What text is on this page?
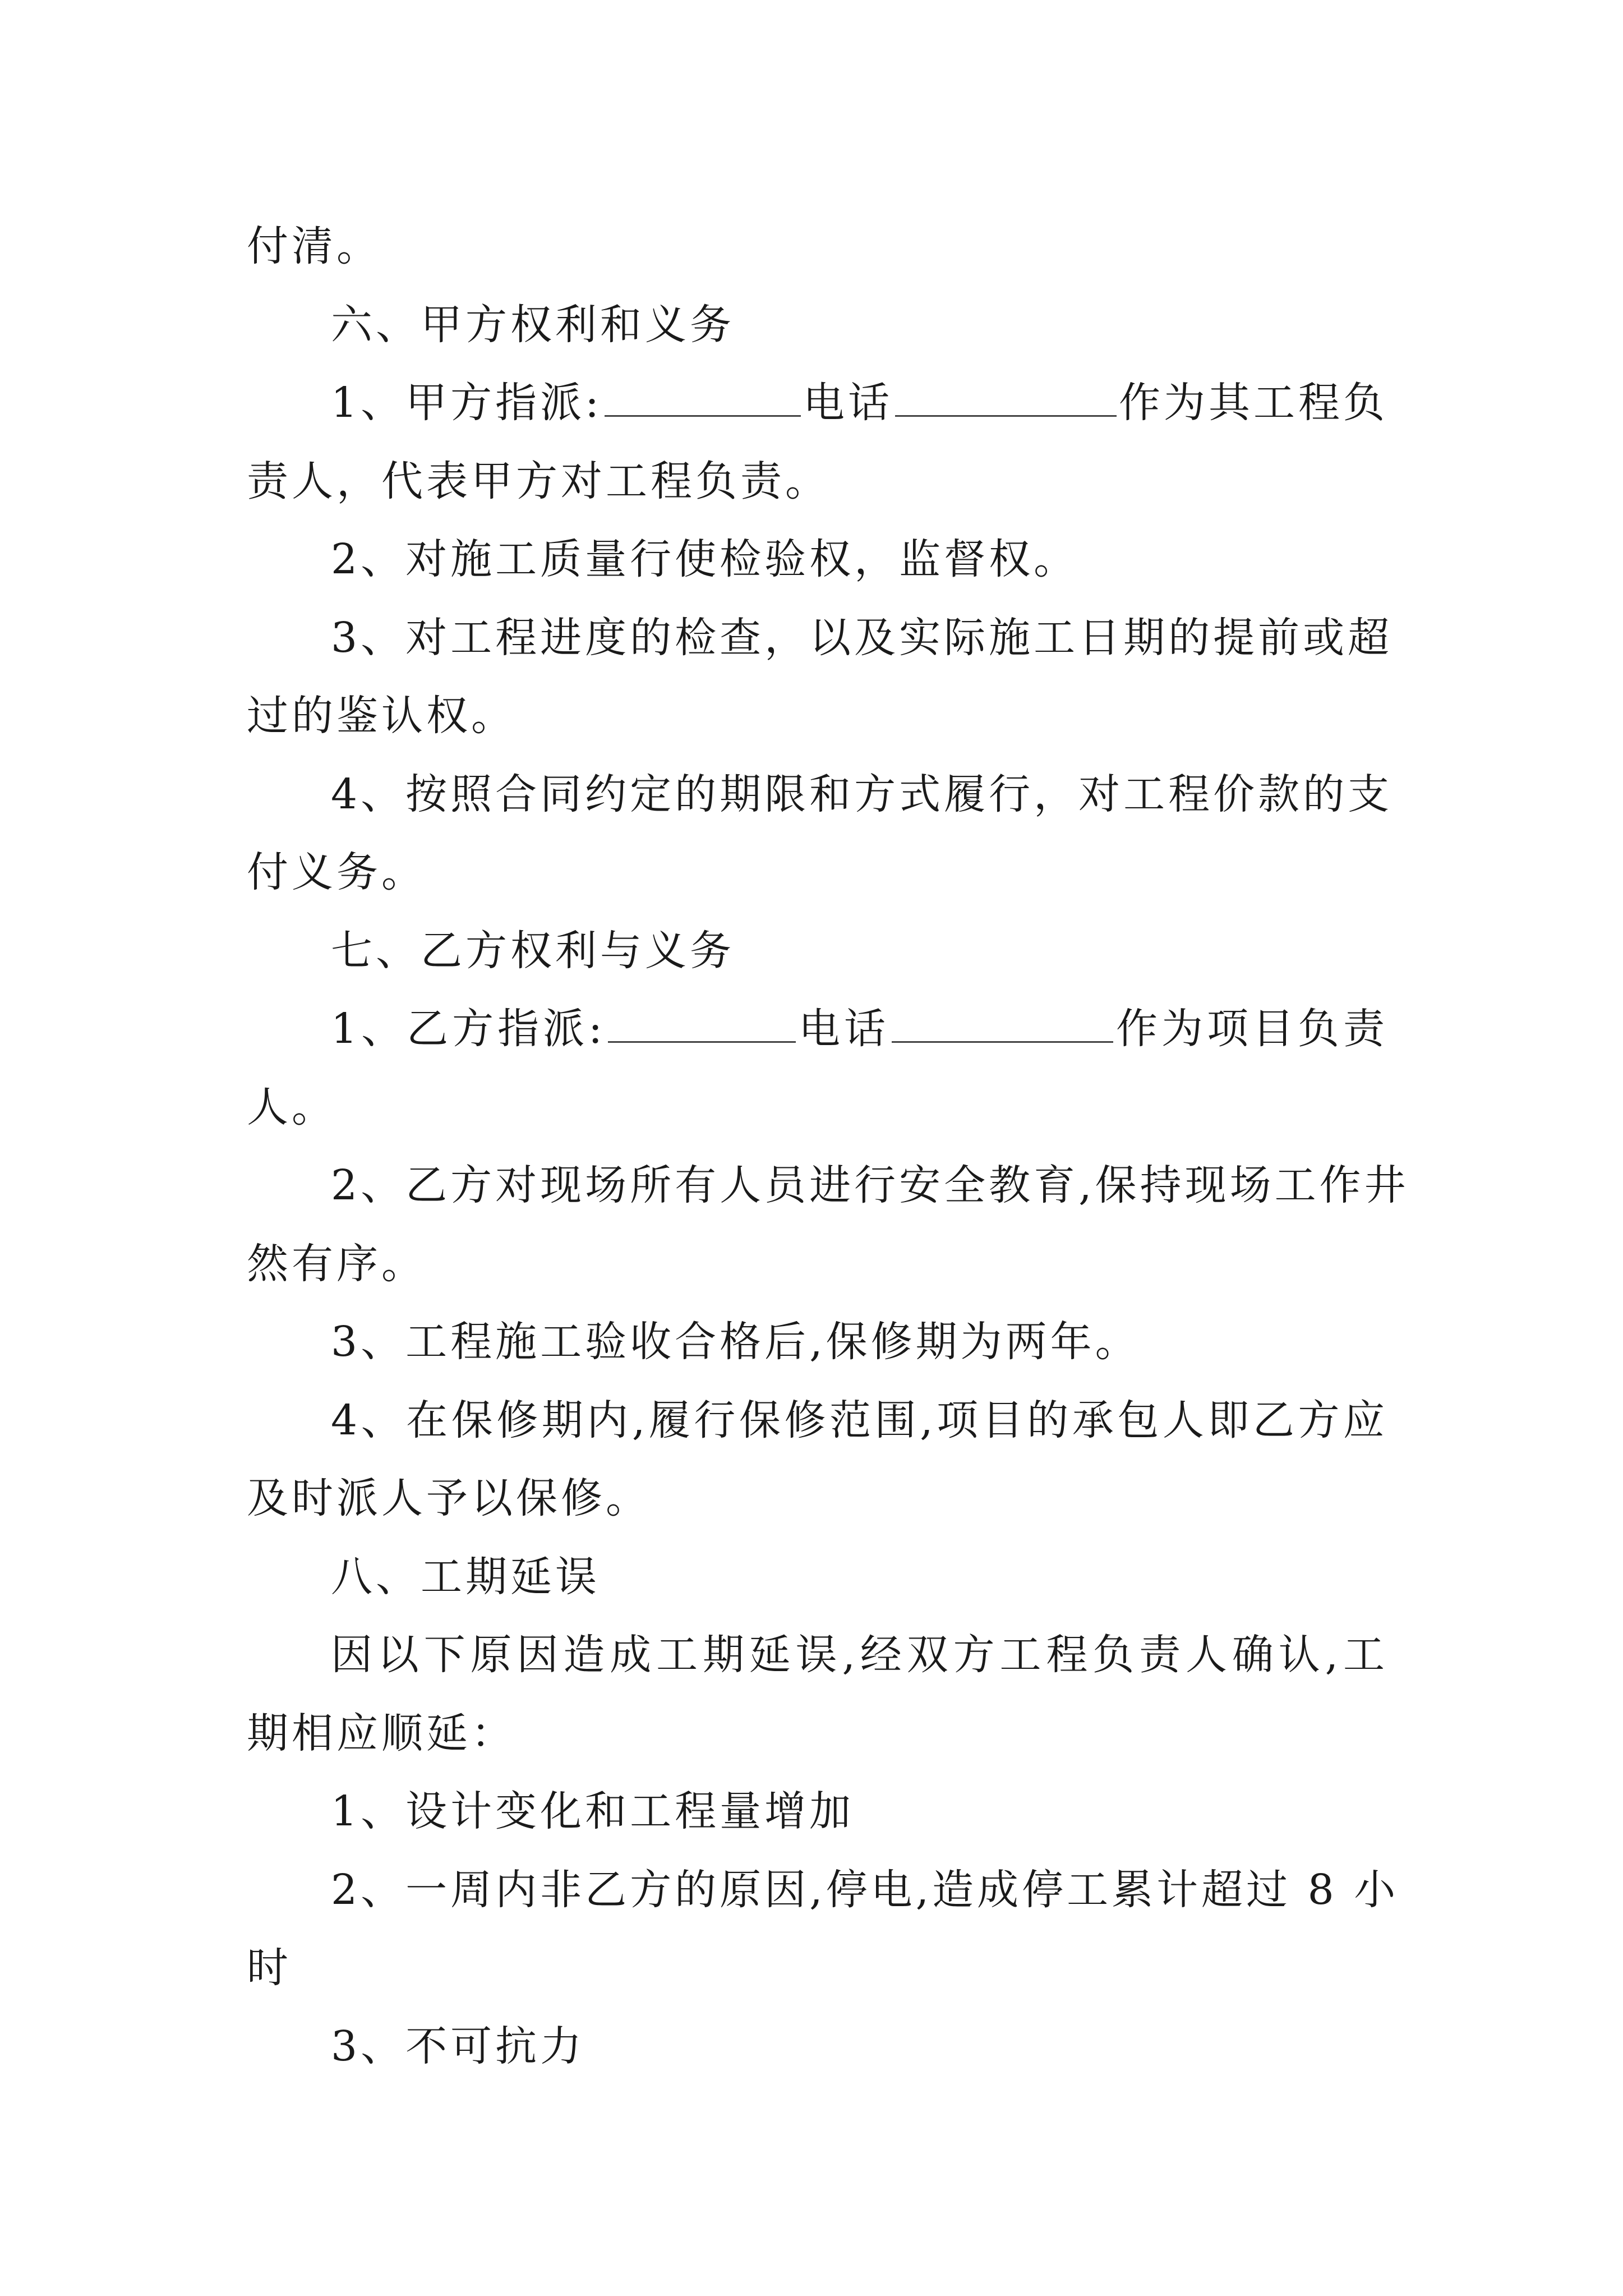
付清。
六、甲方权利和义务
1、甲方指派:	电话	作为其工程负
责人，代表甲方对工程负责。
2、对施工质量行使检验权，监督权。
3、对工程进度的检查，以及实际施工日期的提前或超
过的鉴认权。
4、按照合同约定的期限和方式履行，对工程价款的支
付义务。
七、乙方权利与义务
1、乙方指派:	电话	作为项目负责
人。
2、乙方对现场所有人员进行安全教育,保持现场工作井
然有序。
3、工程施工验收合格后,保修期为两年。
4、在保修期内,履行保修范围,项目的承包人即乙方应
及时派人予以保修。
八、工期延误
因以下原因造成工期延误,经双方工程负责人确认,工
期相应顺延：
1、设计变化和工程量增加
2、一周内非乙方的原因,停电,造成停工累计超过 8 小
时
3、不可抗力
